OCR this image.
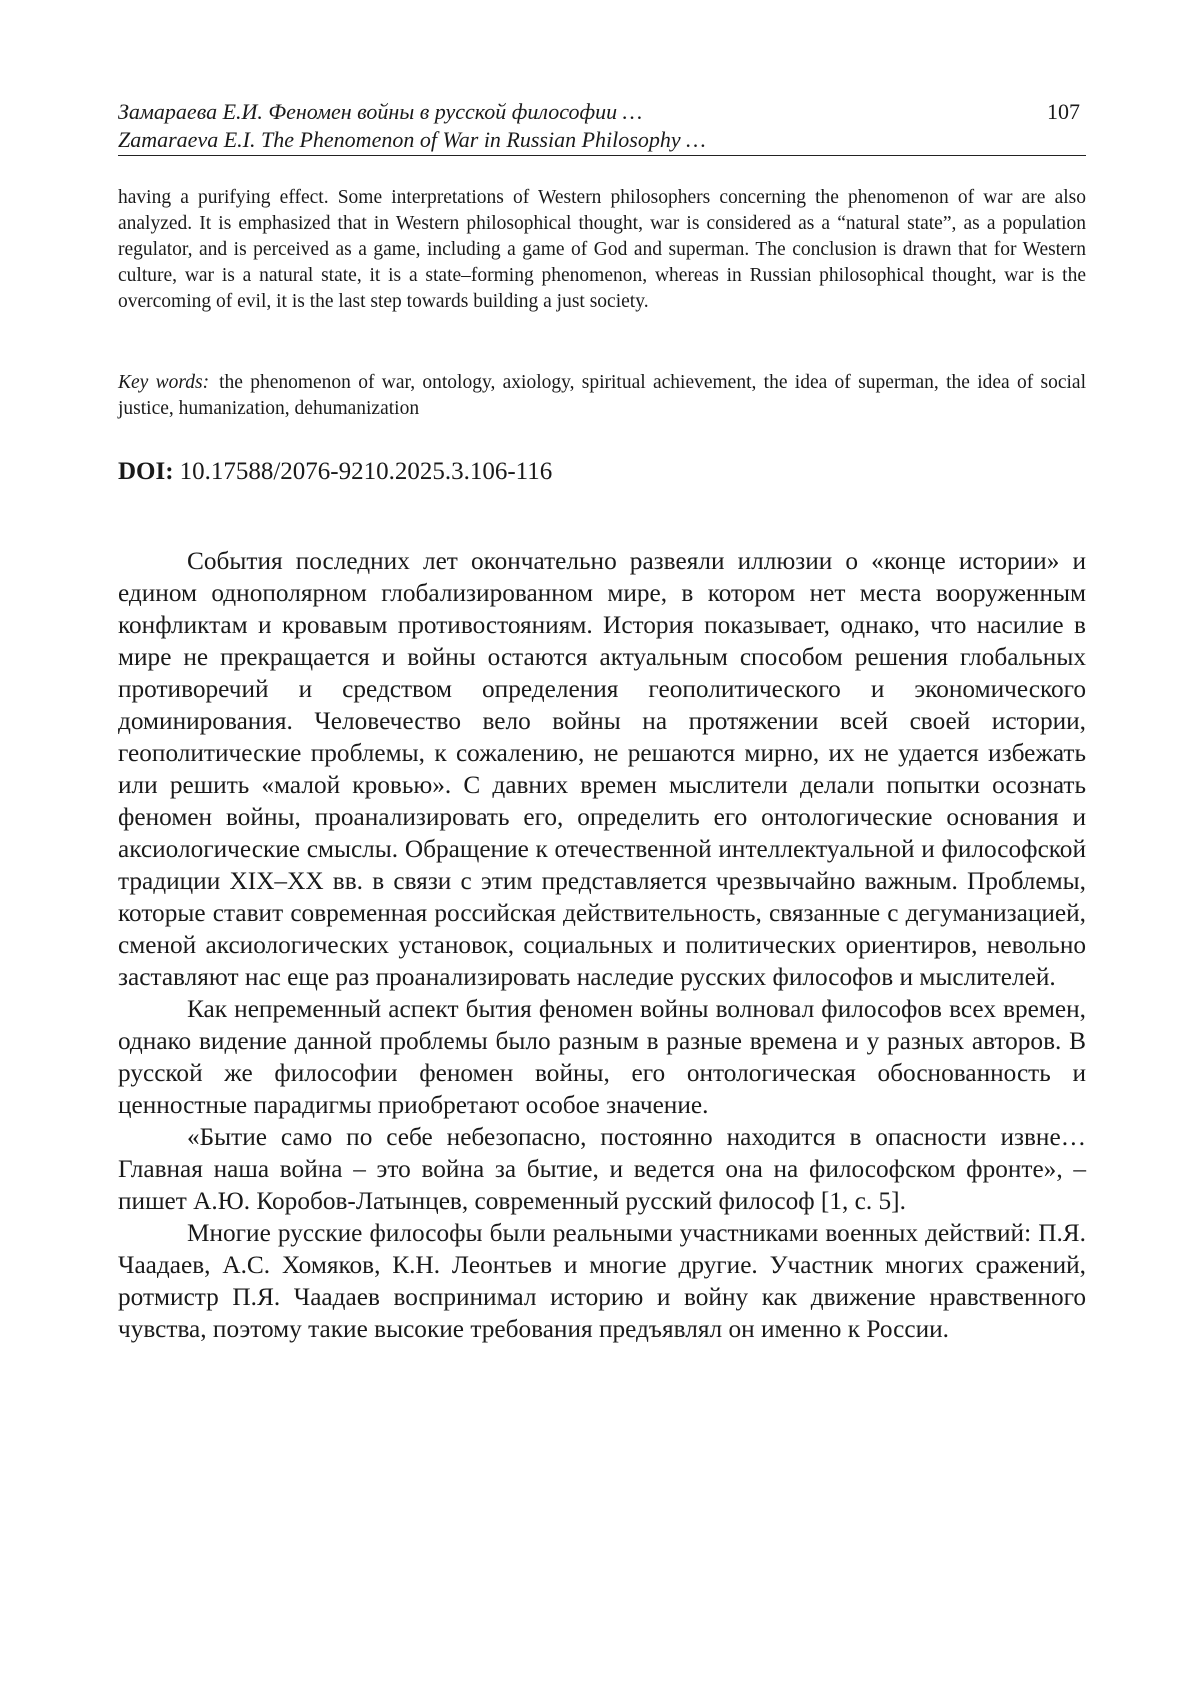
Замараева Е.И. Феномен войны в русской философии …
Zamaraeva E.I. The Phenomenon of War in Russian Philosophy …
107

having a purifying effect. Some interpretations of Western philosophers concerning the phenomenon of war are also analyzed. It is emphasized that in Western philosophical thought, war is considered as a “natural state”, as a population regulator, and is perceived as a game, including a game of God and superman. The conclusion is drawn that for Western culture, war is a natural state, it is a state–forming phenomenon, whereas in Russian philosophical thought, war is the overcoming of evil, it is the last step towards building a just society.

Key words: the phenomenon of war, ontology, axiology, spiritual achievement, the idea of superman, the idea of social justice, humanization, dehumanization

DOI: 10.17588/2076-9210.2025.3.106-116

События последних лет окончательно развеяли иллюзии о «конце истории» и едином однополярном глобализированном мире, в котором нет места вооруженным конфликтам и кровавым противостояниям. История показывает, однако, что насилие в мире не прекращается и войны остаются актуальным способом решения глобальных противоречий и средством определения геополитического и экономического доминирования. Человечество вело войны на протяжении всей своей истории, геополитические проблемы, к сожалению, не решаются мирно, их не удается избежать или решить «малой кровью». С давних времен мыслители делали попытки осознать феномен войны, проанализировать его, определить его онтологические основания и аксиологические смыслы. Обращение к отечественной интеллектуальной и философской традиции XIX–XX вв. в связи с этим представляется чрезвычайно важным. Проблемы, которые ставит современная российская действительность, связанные с дегуманизацией, сменой аксиологических установок, социальных и политических ориентиров, невольно заставляют нас еще раз проанализировать наследие русских философов и мыслителей.

Как непременный аспект бытия феномен войны волновал философов всех времен, однако видение данной проблемы было разным в разные времена и у разных авторов. В русской же философии феномен войны, его онтологическая обоснованность и ценностные парадигмы приобретают особое значение.

«Бытие само по себе небезопасно, постоянно находится в опасности извне… Главная наша война – это война за бытие, и ведется она на философском фронте», – пишет А.Ю. Коробов-Латынцев, современный русский философ [1, с. 5].

Многие русские философы были реальными участниками военных действий: П.Я. Чаадаев, А.С. Хомяков, К.Н. Леонтьев и многие другие. Участник многих сражений, ротмистр П.Я. Чаадаев воспринимал историю и войну как движение нравственного чувства, поэтому такие высокие требования предъявлял он именно к России.
